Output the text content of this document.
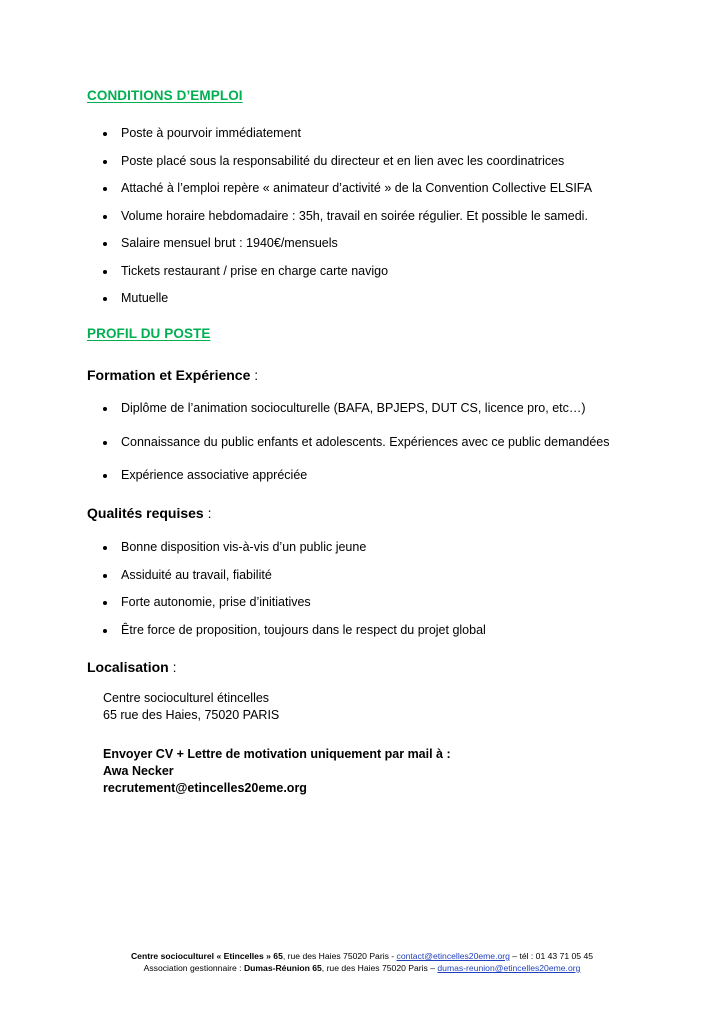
CONDITIONS D’EMPLOI
Poste à pourvoir immédiatement
Poste placé sous la responsabilité du directeur et en lien avec les coordinatrices
Attaché à l’emploi repère « animateur d’activité » de la Convention Collective ELSIFA
Volume horaire hebdomadaire : 35h, travail en soirée régulier. Et possible le samedi.
Salaire mensuel brut : 1940€/mensuels
Tickets restaurant / prise en charge carte navigo
Mutuelle
PROFIL DU POSTE

Formation et Expérience :

Diplôme de l’animation socioculturelle (BAFA, BPJEPS, DUT CS, licence pro, etc…)
Connaissance du public enfants et adolescents. Expériences avec ce public demandées
Expérience associative appréciée

Qualités requises :

Bonne disposition vis-à-vis d’un public jeune
Assiduité au travail, fiabilité
Forte autonomie, prise d’initiatives
Être force de proposition, toujours dans le respect du projet global

Localisation :

Centre socioculturel étincelles
65 rue des Haies, 75020 PARIS
Envoyer CV + Lettre de motivation uniquement par mail à :
Awa Necker
recrutement@etincelles20eme.org
Centre socioculturel « Etincelles » 65, rue des Haies 75020 Paris - contact@etincelles20eme.org – tél : 01 43 71 05 45
Association gestionnaire : Dumas-Réunion 65, rue des Haies 75020 Paris – dumas-reunion@etincelles20eme.org
